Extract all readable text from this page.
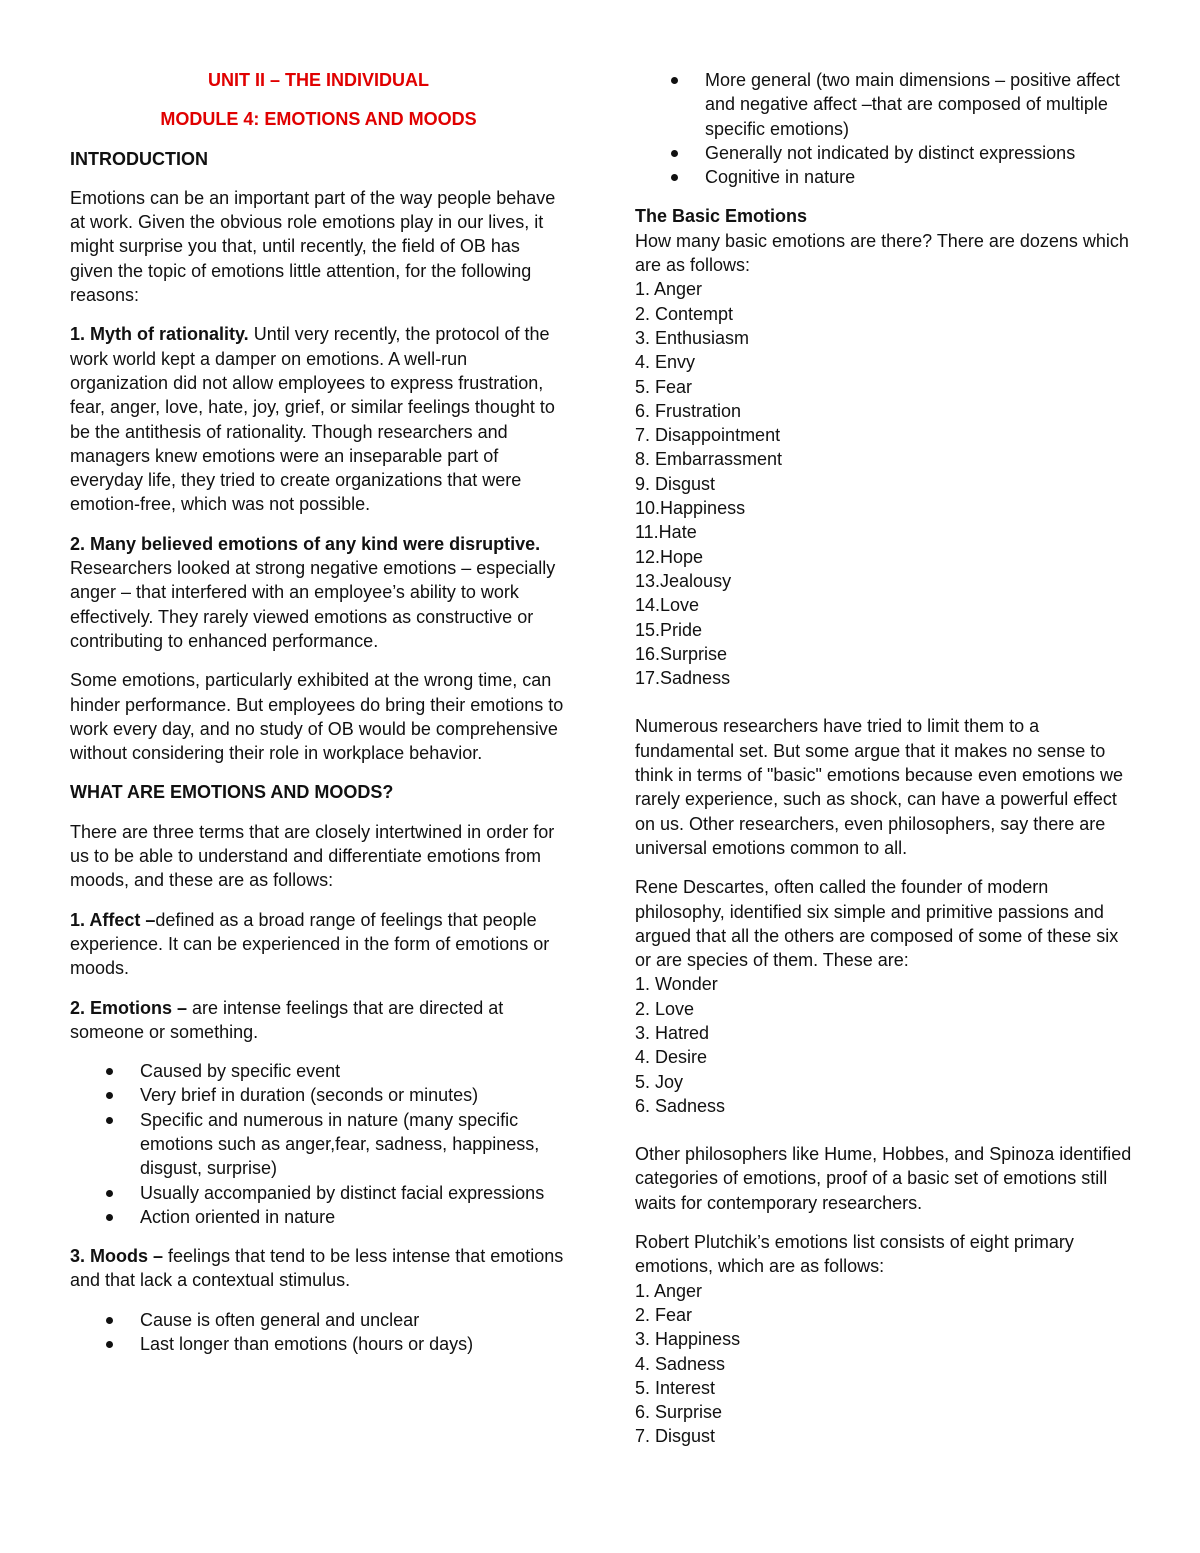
UNIT II – THE INDIVIDUAL

MODULE 4: EMOTIONS AND MOODS

INTRODUCTION

Emotions can be an important part of the way people behave at work. Given the obvious role emotions play in our lives, it might surprise you that, until recently, the field of OB has given the topic of emotions little attention, for the following reasons:

1. Myth of rationality. Until very recently, the protocol of the work world kept a damper on emotions. A well-run organization did not allow employees to express frustration, fear, anger, love, hate, joy, grief, or similar feelings thought to be the antithesis of rationality. Though researchers and managers knew emotions were an inseparable part of everyday life, they tried to create organizations that were emotion-free, which was not possible.

2. Many believed emotions of any kind were disruptive. Researchers looked at strong negative emotions – especially anger – that interfered with an employee’s ability to work effectively. They rarely viewed emotions as constructive or contributing to enhanced performance.

Some emotions, particularly exhibited at the wrong time, can hinder performance. But employees do bring their emotions to work every day, and no study of OB would be comprehensive without considering their role in workplace behavior.

WHAT ARE EMOTIONS AND MOODS?

There are three terms that are closely intertwined in order for us to be able to understand and differentiate emotions from moods, and these are as follows:

1. Affect –defined as a broad range of feelings that people experience. It can be experienced in the form of emotions or moods.

2. Emotions – are intense feelings that are directed at someone or something.

Caused by specific event
Very brief in duration (seconds or minutes)
Specific and numerous in nature (many specific emotions such as anger,fear, sadness, happiness, disgust, surprise)
Usually accompanied by distinct facial expressions
Action oriented in nature

3. Moods – feelings that tend to be less intense that emotions and that lack a contextual stimulus.

Cause is often general and unclear
Last longer than emotions (hours or days)
More general (two main dimensions – positive affect and negative affect –that are composed of multiple specific emotions)
Generally not indicated by distinct expressions
Cognitive in nature
The Basic Emotions
How many basic emotions are there? There are dozens which are as follows:
1. Anger
2. Contempt
3. Enthusiasm
4. Envy
5. Fear
6. Frustration
7. Disappointment
8. Embarrassment
9. Disgust
10.Happiness
11.Hate
12.Hope
13.Jealousy
14.Love
15.Pride
16.Surprise
17.Sadness

Numerous researchers have tried to limit them to a fundamental set. But some argue that it makes no sense to think in terms of "basic" emotions because even emotions we rarely experience, such as shock, can have a powerful effect on us. Other researchers, even philosophers, say there are universal emotions common to all.

Rene Descartes, often called the founder of modern philosophy, identified six simple and primitive passions and argued that all the others are composed of some of these six or are species of them. These are:
1. Wonder
2. Love
3. Hatred
4. Desire
5. Joy
6. Sadness

Other philosophers like Hume, Hobbes, and Spinoza identified categories of emotions, proof of a basic set of emotions still waits for contemporary researchers.

Robert Plutchik’s emotions list consists of eight primary emotions, which are as follows:
1. Anger
2. Fear
3. Happiness
4. Sadness
5. Interest
6. Surprise
7. Disgust
